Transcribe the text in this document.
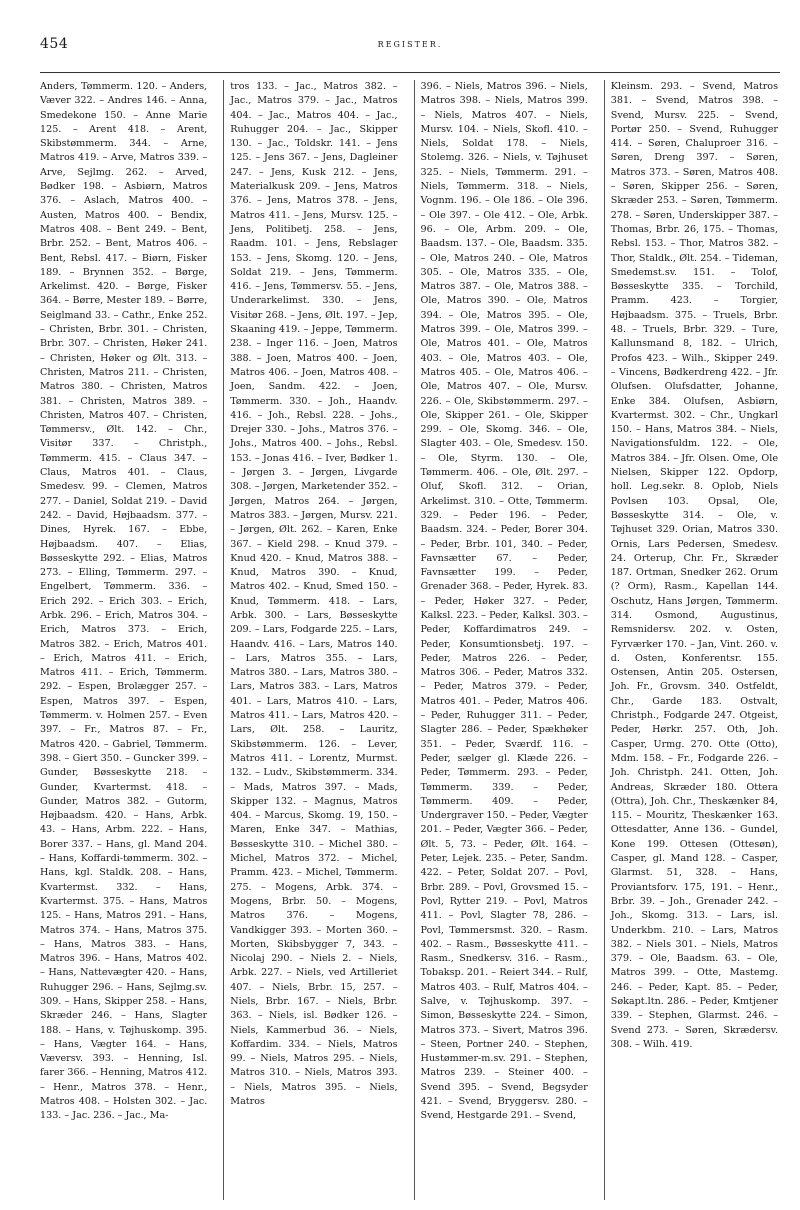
454	REGISTER.

Anders, Tømmerm. 120. – Anders, Væver 322. – Andres 146. – Anna, Smedekone 150. – Anne Marie 125. – Arent 418. – Arent, Skibstømmerm. 344. – Arne, Matros 419. – Arve, Matros 339. – Arve, Sejlmg. 262. – Arved, Bødker 198. – Asbiørn, Matros 376. – Aslach, Matros 400. – Austen, Matros 400. – Bendix, Matros 408. – Bent 249. – Bent, Brbr. 252. – Bent, Matros 406. – Bent, Rebsl. 417. – Biørn, Fisker 189. – Brynnen 352. – Børge, Arkelimst. 420. – Børge, Fisker 364. – Børre, Mester 189. – Børre, Seiglmand 33. – Cathr., Enke 252. – Christen, Brbr. 301. – Christen, Brbr. 307. – Christen, Høker 241. – Christen, Høker og Ølt. 313. – Christen, Matros 211. – Christen, Matros 380. – Christen, Matros 381. – Christen, Matros 389. – Christen, Matros 407. – Christen, Tømmersv., Ølt. 142. – Chr., Visitør 337. – Christph., Tømmerm. 415. – Claus 347. – Claus, Matros 401. – Claus, Smedesv. 99. – Clemen, Matros 277. – Daniel, Soldat 219. – David 242. – David, Højbaadsm. 377. – Dines, Hyrek. 167. – Ebbe, Højbaadsm. 407. – Elias, Bøsseskytte 292. – Elias, Matros 273. – Elling, Tømmerm. 297. – Engelbert, Tømmerm. 336. – Erich 292. – Erich 303. – Erich, Arbk. 296. – Erich, Matros 304. – Erich, Matros 373. – Erich, Matros 382. – Erich, Matros 401. – Erich, Matros 411. – Erich, Matros 411. – Erich, Tømmerm. 292. – Espen, Brolægger 257. – Espen, Matros 397. – Espen, Tømmerm. v. Holmen 257. – Even 397. – Fr., Matros 87. – Fr., Matros 420. – Gabriel, Tømmerm. 398. – Giert 350. – Guncker 399. – Gunder, Bøsseskytte 218. – Gunder, Kvartermst. 418. – Gunder, Matros 382. – Gutorm, Højbaadsm. 420. – Hans, Arbk. 43. – Hans, Arbm. 222. – Hans, Borer 337. – Hans, gl. Mand 204. – Hans, Koffardi-tømmerm. 302. – Hans, kgl. Staldk. 208. – Hans, Kvartermst. 332. – Hans, Kvartermst. 375. – Hans, Matros 125. – Hans, Matros 291. – Hans, Matros 374. – Hans, Matros 375. – Hans, Matros 383. – Hans, Matros 396. – Hans, Matros 402. – Hans, Nattevægter 420. – Hans, Ruhugger 296. – Hans, Sejlmg.sv. 309. – Hans, Skipper 258. – Hans, Skræder 246. – Hans, Slagter 188. – Hans, v. Tøjhuskomp. 395. – Hans, Vægter 164. – Hans, Væversv. 393. – Henning, Isl. farer 366. – Henning, Matros 412. – Henr., Matros 378. – Henr., Matros 408. – Holsten 302. – Jac. 133. – Jac. 236. – Jac., Ma-

tros 133. – Jac., Matros 382. – Jac., Matros 379. – Jac., Matros 404. – Jac., Matros 404. – Jac., Ruhugger 204. – Jac., Skipper 130. – Jac., Toldskr. 141. – Jens 125. – Jens 367. – Jens, Dagleiner 247. – Jens, Kusk 212. – Jens, Materialkusk 209. – Jens, Matros 376. – Jens, Matros 378. – Jens, Matros 411. – Jens, Mursv. 125. – Jens, Politibetj. 258. – Jens, Raadm. 101. – Jens, Rebslager 153. – Jens, Skomg. 120. – Jens, Soldat 219. – Jens, Tømmerm. 416. – Jens, Tømmersv. 55. – Jens, Underarkelimst. 330. – Jens, Visitør 268. – Jens, Ølt. 197. – Jep, Skaaning 419. – Jeppe, Tømmerm. 238. – Inger 116. – Joen, Matros 388. – Joen, Matros 400. – Joen, Matros 406. – Joen, Matros 408. – Joen, Sandm. 422. – Joen, Tømmerm. 330. – Joh., Haandv. 416. – Joh., Rebsl. 228. – Johs., Drejer 330. – Johs., Matros 376. – Johs., Matros 400. – Johs., Rebsl. 153. – Jonas 416. – Iver, Bødker 1. – Jørgen 3. – Jørgen, Livgarde 308. – Jørgen, Marketender 352. – Jørgen, Matros 264. – Jørgen, Matros 383. – Jørgen, Mursv. 221. – Jørgen, Ølt. 262. – Karen, Enke 367. – Kield 298. – Knud 379. – Knud 420. – Knud, Matros 388. – Knud, Matros 390. – Knud, Matros 402. – Knud, Smed 150. – Knud, Tømmerm. 418. – Lars, Arbk. 300. – Lars, Bøsseskytte 209. – Lars, Fodgarde 225. – Lars, Haandv. 416. – Lars, Matros 140. – Lars, Matros 355. – Lars, Matros 380. – Lars, Matros 380. – Lars, Matros 383. – Lars, Matros 401. – Lars, Matros 410. – Lars, Matros 411. – Lars, Matros 420. – Lars, Ølt. 258. – Lauritz, Skibstømmerm. 126. – Lever, Matros 411. – Lorentz, Murmst. 132. – Ludv., Skibstømmerm. 334. – Mads, Matros 397. – Mads, Skipper 132. – Magnus, Matros 404. – Marcus, Skomg. 19, 150. – Maren, Enke 347. – Mathias, Bøsseskytte 310. – Michel 380. – Michel, Matros 372. – Michel, Pramm. 423. – Michel, Tømmerm. 275. – Mogens, Arbk. 374. – Mogens, Brbr. 50. – Mogens, Matros 376. – Mogens, Vandkigger 393. – Morten 360. – Morten, Skibsbygger 7, 343. – Nicolaj 290. – Niels 2. – Niels, Arbk. 227. – Niels, ved Artilleriet 407. – Niels, Brbr. 15, 257. – Niels, Brbr. 167. – Niels, Brbr. 363. – Niels, isl. Bødker 126. – Niels, Kammerbud 36. – Niels, Koffardim. 334. – Niels, Matros 99. – Niels, Matros 295. – Niels, Matros 310. – Niels, Matros 393. – Niels, Matros 395. – Niels, Matros

396. – Niels, Matros 396. – Niels, Matros 398. – Niels, Matros 399. – Niels, Matros 407. – Niels, Mursv. 104. – Niels, Skofl. 410. – Niels, Soldat 178. – Niels, Stolemg. 326. – Niels, v. Tøjhuset 325. – Niels, Tømmerm. 291. – Niels, Tømmerm. 318. – Niels, Vognm. 196. – Ole 186. – Ole 396. – Ole 397. – Ole 412. – Ole, Arbk. 96. – Ole, Arbm. 209. – Ole, Baadsm. 137. – Ole, Baadsm. 335. – Ole, Matros 240. – Ole, Matros 305. – Ole, Matros 335. – Ole, Matros 387. – Ole, Matros 388. – Ole, Matros 390. – Ole, Matros 394. – Ole, Matros 395. – Ole, Matros 399. – Ole, Matros 399. – Ole, Matros 401. – Ole, Matros 403. – Ole, Matros 403. – Ole, Matros 405. – Ole, Matros 406. – Ole, Matros 407. – Ole, Mursv. 226. – Ole, Skibstømmerm. 297. – Ole, Skipper 261. – Ole, Skipper 299. – Ole, Skomg. 346. – Ole, Slagter 403. – Ole, Smedesv. 150. – Ole, Styrm. 130. – Ole, Tømmerm. 406. – Ole, Ølt. 297. – Oluf, Skofl. 312. – Orian, Arkelimst. 310. – Otte, Tømmerm. 329. – Peder 196. – Peder, Baadsm. 324. – Peder, Borer 304. – Peder, Brbr. 101, 340. – Peder, Favnsætter 67. – Peder, Favnsætter 199. – Peder, Grenader 368. – Peder, Hyrek. 83. – Peder, Høker 327. – Peder, Kalksl. 223. – Peder, Kalksl. 303. – Peder, Koffardimatros 249. – Peder, Konsumtionsbetj. 197. – Peder, Matros 226. – Peder, Matros 306. – Peder, Matros 332. – Peder, Matros 379. – Peder, Matros 401. – Peder, Matros 406. – Peder, Ruhugger 311. – Peder, Slagter 286. – Peder, Spækhøker 351. – Peder, Sværdf. 116. – Peder, sælger gl. Klæde 226. – Peder, Tømmerm. 293. – Peder, Tømmerm. 339. – Peder, Tømmerm. 409. – Peder, Undergraver 150. – Peder, Vægter 201. – Peder, Vægter 366. – Peder, Ølt. 5, 73. – Peder, Ølt. 164. – Peter, Lejek. 235. – Peter, Sandm. 422. – Peter, Soldat 207. – Povl, Brbr. 289. – Povl, Grovsmed 15. – Povl, Rytter 219. – Povl, Matros 411. – Povl, Slagter 78, 286. – Povl, Tømmersmst. 320. – Rasm. 402. – Rasm., Bøsseskytte 411. – Rasm., Snedkersv. 316. – Rasm., Tobaksp. 201. – Reiert 344. – Rulf, Matros 403. – Rulf, Matros 404. – Salve, v. Tøjhuskomp. 397. – Simon, Bøsseskytte 224. – Simon, Matros 373. – Sivert, Matros 396. – Steen, Portner 240. – Stephen, Hustømmer-m.sv. 291. – Stephen, Matros 239. – Steiner 400. – Svend 395. – Svend, Begsyder 421. – Svend, Bryggersv. 280. – Svend, Hestgarde 291. – Svend,

Kleinsm. 293. – Svend, Matros 381. – Svend, Matros 398. – Svend, Mursv. 225. – Svend, Portør 250. – Svend, Ruhugger 414. – Søren, Chaluproer 316. – Søren, Dreng 397. – Søren, Matros 373. – Søren, Matros 408. – Søren, Skipper 256. – Søren, Skræder 253. – Søren, Tømmerm. 278. – Søren, Underskipper 387. – Thomas, Brbr. 26, 175. – Thomas, Rebsl. 153. – Thor, Matros 382. – Thor, Staldk., Ølt. 254. – Tideman, Smedemst.sv. 151. – Tolof, Bøsseskytte 335. – Torchild, Pramm. 423. – Torgier, Højbaadsm. 375. – Truels, Brbr. 48. – Truels, Brbr. 329. – Ture, Kallunsmand 8, 182. – Ulrich, Profos 423. – Wilh., Skipper 249. – Vincens, Bødkerdreng 422. – Jfr. Olufsen. Olufsdatter, Johanne, Enke 384. Olufsen, Asbiørn, Kvartermst. 302. – Chr., Ungkarl 150. – Hans, Matros 384. – Niels, Navigationsfuldm. 122. – Ole, Matros 384. – Jfr. Olsen. Ome, Ole Nielsen, Skipper 122. Opdorp, holl. Leg.sekr. 8. Oplob, Niels Povlsen 103. Opsal, Ole, Bøsseskytte 314. – Ole, v. Tøjhuset 329. Orian, Matros 330. Ornis, Lars Pedersen, Smedesv. 24. Orterup, Chr. Fr., Skræder 187. Ortman, Snedker 262. Orum (? Orm), Rasm., Kapellan 144. Oschutz, Hans Jørgen, Tømmerm. 314. Osmond, Augustinus, Remsnidersv. 202. v. Osten, Fyrværker 170. – Jan, Vint. 260. v. d. Osten, Konferentsr. 155. Ostensen, Antin 205. Ostersen, Joh. Fr., Grovsm. 340. Ostfeldt, Chr., Garde 183. Ostvalt, Christph., Fodgarde 247. Otgeist, Peder, Hørkr. 257. Oth, Joh. Casper, Urmg. 270. Otte (Otto), Mdm. 158. – Fr., Fodgarde 226. – Joh. Christph. 241. Otten, Joh. Andreas, Skræder 180. Ottera (Ottra), Joh. Chr., Theskænker 84, 115. – Mouritz, Theskænker 163. Ottesdatter, Anne 136. – Gundel, Kone 199. Ottesen (Ottesøn), Casper, gl. Mand 128. – Casper, Glarmst. 51, 328. – Hans, Proviantsforv. 175, 191. – Henr., Brbr. 39. – Joh., Grenader 242. – Joh., Skomg. 313. – Lars, isl. Underkbm. 210. – Lars, Matros 382. – Niels 301. – Niels, Matros 379. – Ole, Baadsm. 63. – Ole, Matros 399. – Otte, Mastemg. 246. – Peder, Kapt. 85. – Peder, Søkapt.ltn. 286. – Peder, Kmtjener 339. – Stephen, Glarmst. 246. – Svend 273. – Søren, Skrædersv. 308. – Wilh. 419.
